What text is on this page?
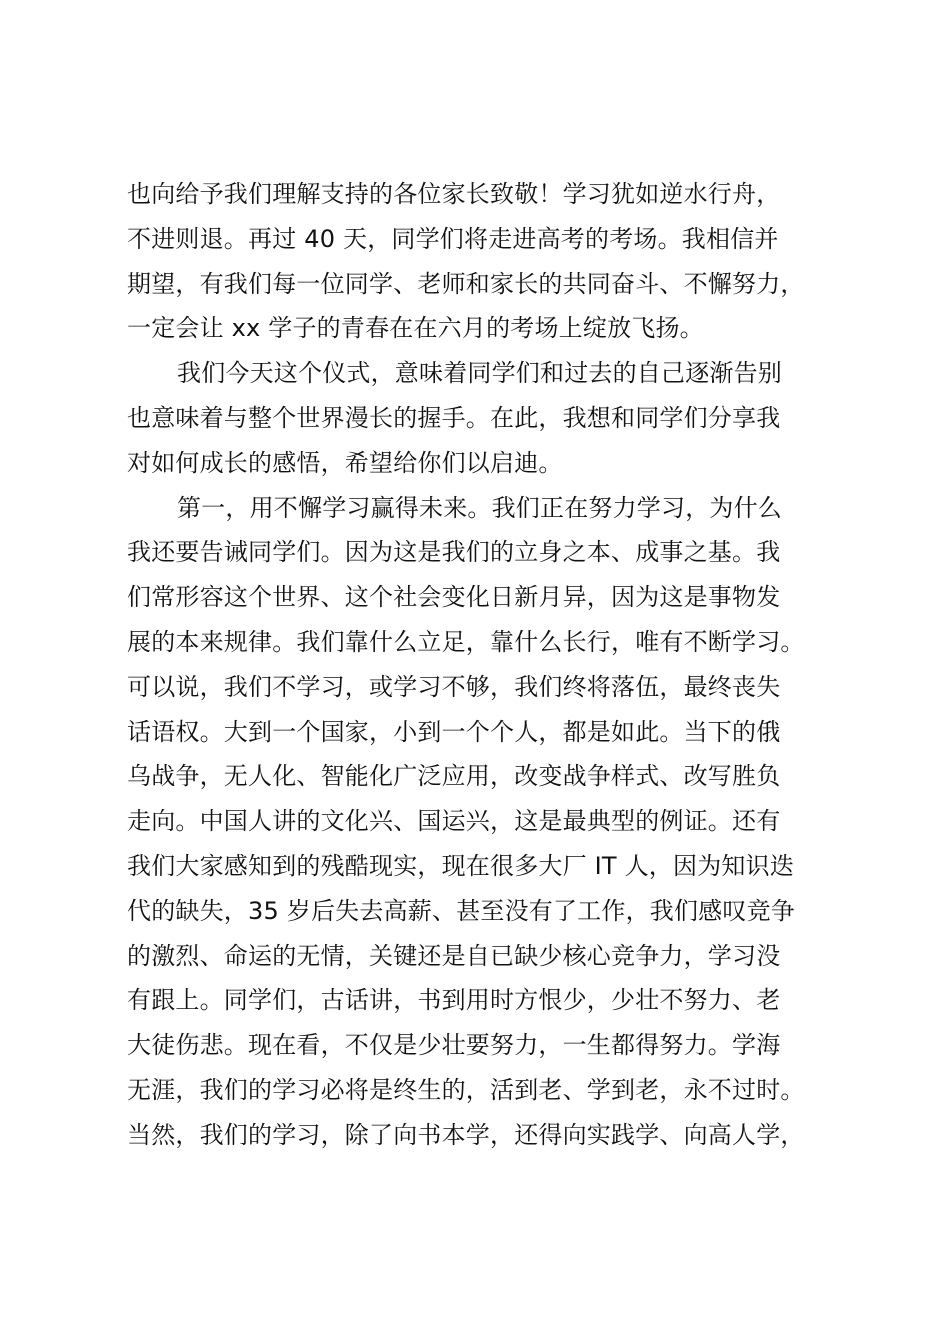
也向给予我们理解支持的各位家长致敬！学习犹如逆水行舟，
不进则退。再过 40 天，同学们将走进高考的考场。我相信并
期望，有我们每一位同学、老师和家长的共同奋斗、不懈努力，
一定会让 xx 学子的青春在在六月的考场上绽放飞扬。
我们今天这个仪式，意味着同学们和过去的自己逐渐告别
也意味着与整个世界漫长的握手。在此，我想和同学们分享我
对如何成长的感悟，希望给你们以启迪。
第一，用不懈学习赢得未来。我们正在努力学习，为什么
我还要告诫同学们。因为这是我们的立身之本、成事之基。我
们常形容这个世界、这个社会变化日新月异，因为这是事物发
展的本来规律。我们靠什么立足，靠什么长行，唯有不断学习。
可以说，我们不学习，或学习不够，我们终将落伍，最终丧失
话语权。大到一个国家，小到一个个人，都是如此。当下的俄
乌战争，无人化、智能化广泛应用，改变战争样式、改写胜负
走向。中国人讲的文化兴、国运兴，这是最典型的例证。还有
我们大家感知到的残酷现实，现在很多大厂 IT 人，因为知识迭
代的缺失，35 岁后失去高薪、甚至没有了工作，我们感叹竞争
的激烈、命运的无情，关键还是自已缺少核心竞争力，学习没
有跟上。同学们，古话讲，书到用时方恨少，少壮不努力、老
大徒伤悲。现在看，不仅是少壮要努力，一生都得努力。学海
无涯，我们的学习必将是终生的，活到老、学到老，永不过时。
当然，我们的学习，除了向书本学，还得向实践学、向高人学，
